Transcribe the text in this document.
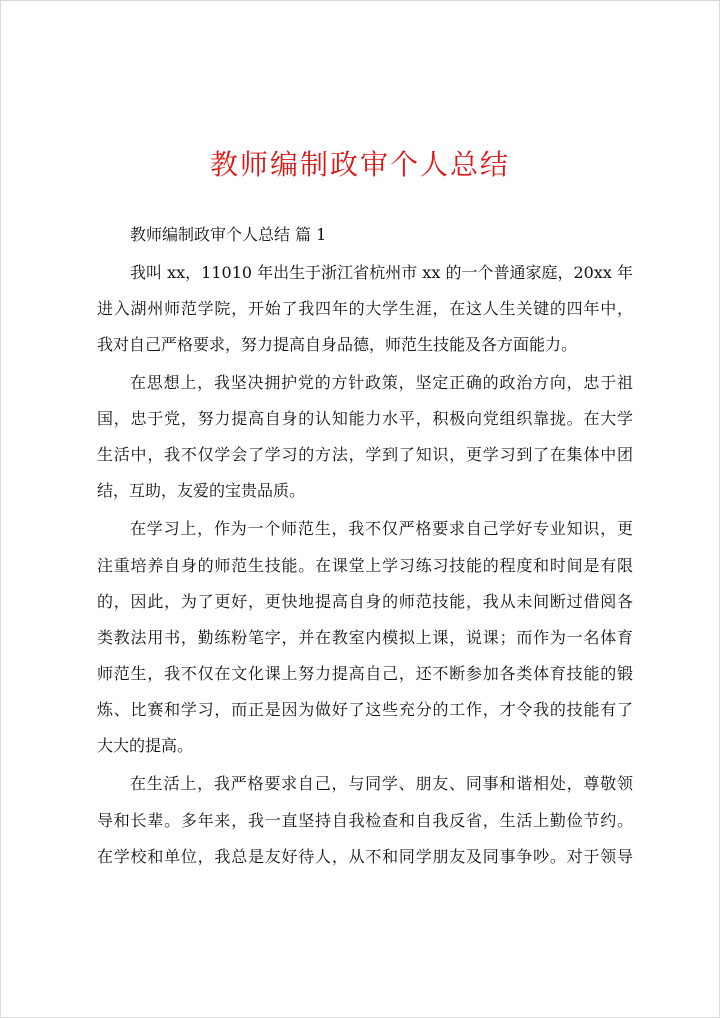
教师编制政审个人总结
教师编制政审个人总结 篇 1
我叫 xx，11010 年出生于浙江省杭州市 xx 的一个普通家庭，20xx 年
进入湖州师范学院，开始了我四年的大学生涯，在这人生关键的四年中，
我对自己严格要求，努力提高自身品德，师范生技能及各方面能力。
在思想上，我坚决拥护党的方针政策，坚定正确的政治方向，忠于祖
国，忠于党，努力提高自身的认知能力水平，积极向党组织靠拢。在大学
生活中，我不仅学会了学习的方法，学到了知识，更学习到了在集体中团
结，互助，友爱的宝贵品质。
在学习上，作为一个师范生，我不仅严格要求自己学好专业知识，更
注重培养自身的师范生技能。在课堂上学习练习技能的程度和时间是有限
的，因此，为了更好，更快地提高自身的师范技能，我从未间断过借阅各
类教法用书，勤练粉笔字，并在教室内模拟上课，说课；而作为一名体育
师范生，我不仅在文化课上努力提高自己，还不断参加各类体育技能的锻
炼、比赛和学习，而正是因为做好了这些充分的工作，才令我的技能有了
大大的提高。
在生活上，我严格要求自己，与同学、朋友、同事和谐相处，尊敬领
导和长辈。多年来，我一直坚持自我检查和自我反省，生活上勤俭节约。
在学校和单位，我总是友好待人，从不和同学朋友及同事争吵。对于领导
